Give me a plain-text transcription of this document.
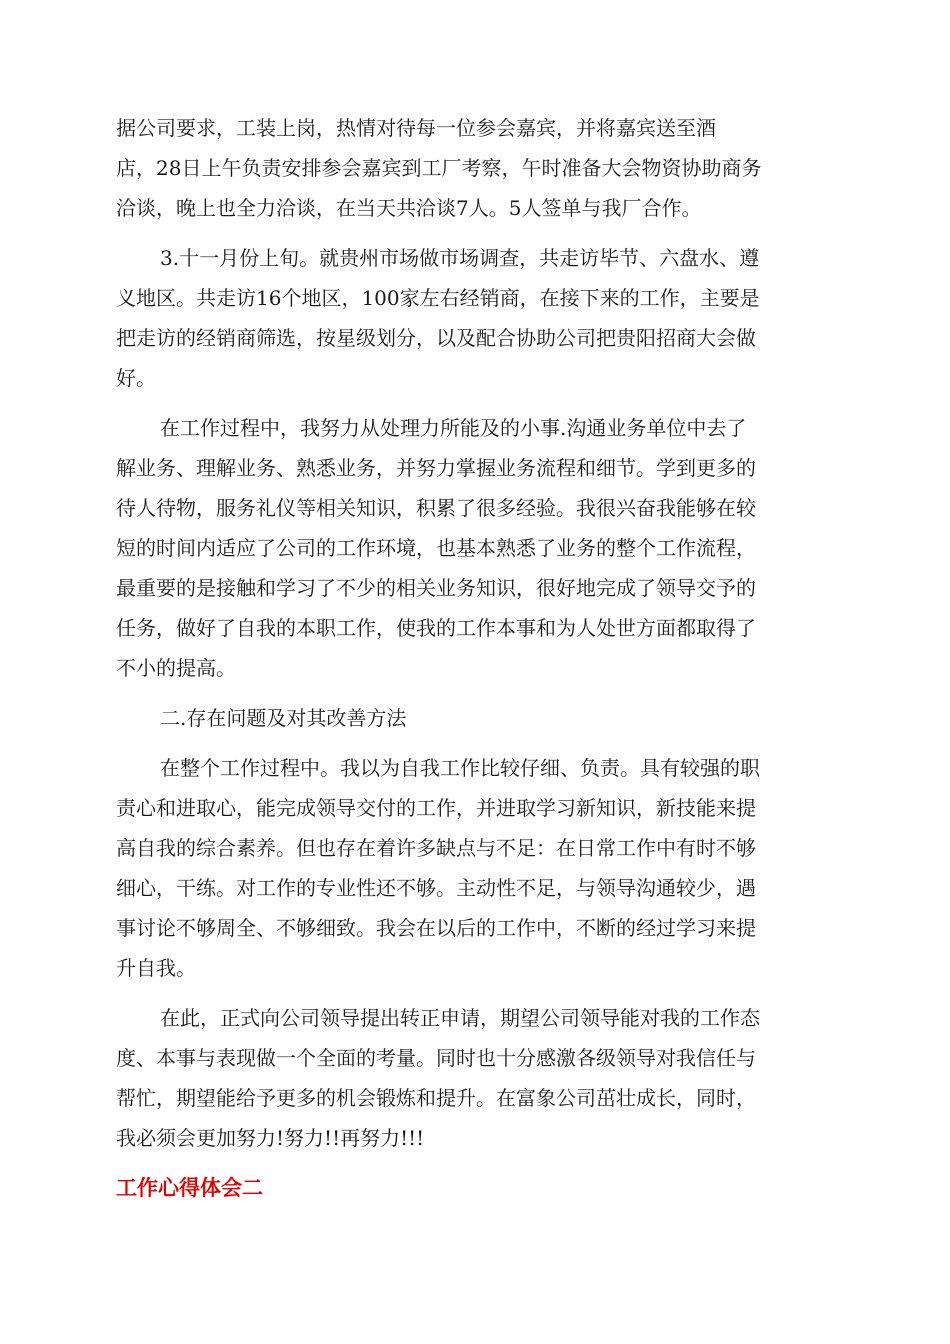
据公司要求，工装上岗，热情对待每一位参会嘉宾，并将嘉宾送至酒
店，28日上午负责安排参会嘉宾到工厂考察，午时准备大会物资协助商务
洽谈，晚上也全力洽谈，在当天共洽谈7人。5人签单与我厂合作。
3.十一月份上旬。就贵州市场做市场调查，共走访毕节、六盘水、遵
义地区。共走访16个地区，100家左右经销商，在接下来的工作，主要是
把走访的经销商筛选，按星级划分，以及配合协助公司把贵阳招商大会做
好。
在工作过程中，我努力从处理力所能及的小事.沟通业务单位中去了
解业务、理解业务、熟悉业务，并努力掌握业务流程和细节。学到更多的
待人待物，服务礼仪等相关知识，积累了很多经验。我很兴奋我能够在较
短的时间内适应了公司的工作环境，也基本熟悉了业务的整个工作流程，
最重要的是接触和学习了不少的相关业务知识，很好地完成了领导交予的
任务，做好了自我的本职工作，使我的工作本事和为人处世方面都取得了
不小的提高。
二.存在问题及对其改善方法
在整个工作过程中。我以为自我工作比较仔细、负责。具有较强的职
责心和进取心，能完成领导交付的工作，并进取学习新知识，新技能来提
高自我的综合素养。但也存在着许多缺点与不足：在日常工作中有时不够
细心，干练。对工作的专业性还不够。主动性不足，与领导沟通较少，遇
事讨论不够周全、不够细致。我会在以后的工作中，不断的经过学习来提
升自我。
在此，正式向公司领导提出转正申请，期望公司领导能对我的工作态
度、本事与表现做一个全面的考量。同时也十分感激各级领导对我信任与
帮忙，期望能给予更多的机会锻炼和提升。在富象公司茁壮成长，同时，
我必须会更加努力!努力!!再努力!!!
工作心得体会二
